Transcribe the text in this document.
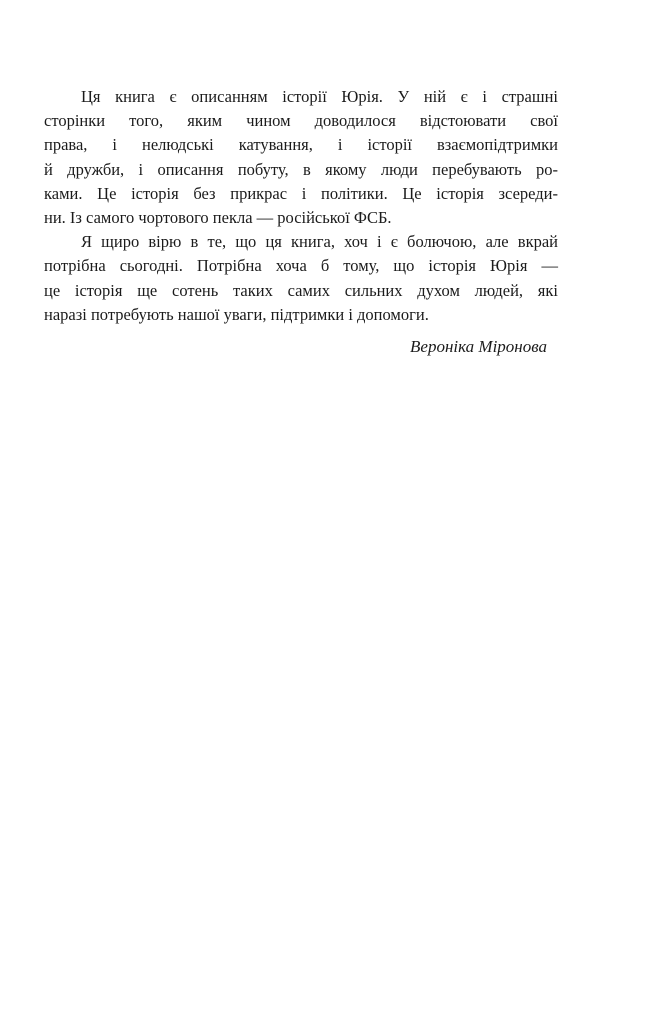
Ця книга є описанням історії Юрія. У ній є і страшні
сторінки того, яким чином доводилося відстоювати свої
права, і нелюдські катування, і історії взаємопідтримки
й дружби, і описання побуту, в якому люди перебувають ро-
ками. Це історія без прикрас і політики. Це історія зсереди-
ни. Із самого чортового пекла — російської ФСБ.
Я щиро вірю в те, що ця книга, хоч і є болючою, але вкрай
потрібна сьогодні. Потрібна хоча б тому, що історія Юрія —
це історія ще сотень таких самих сильних духом людей, які
наразі потребують нашої уваги, підтримки і допомоги.
Вероніка Міронова
